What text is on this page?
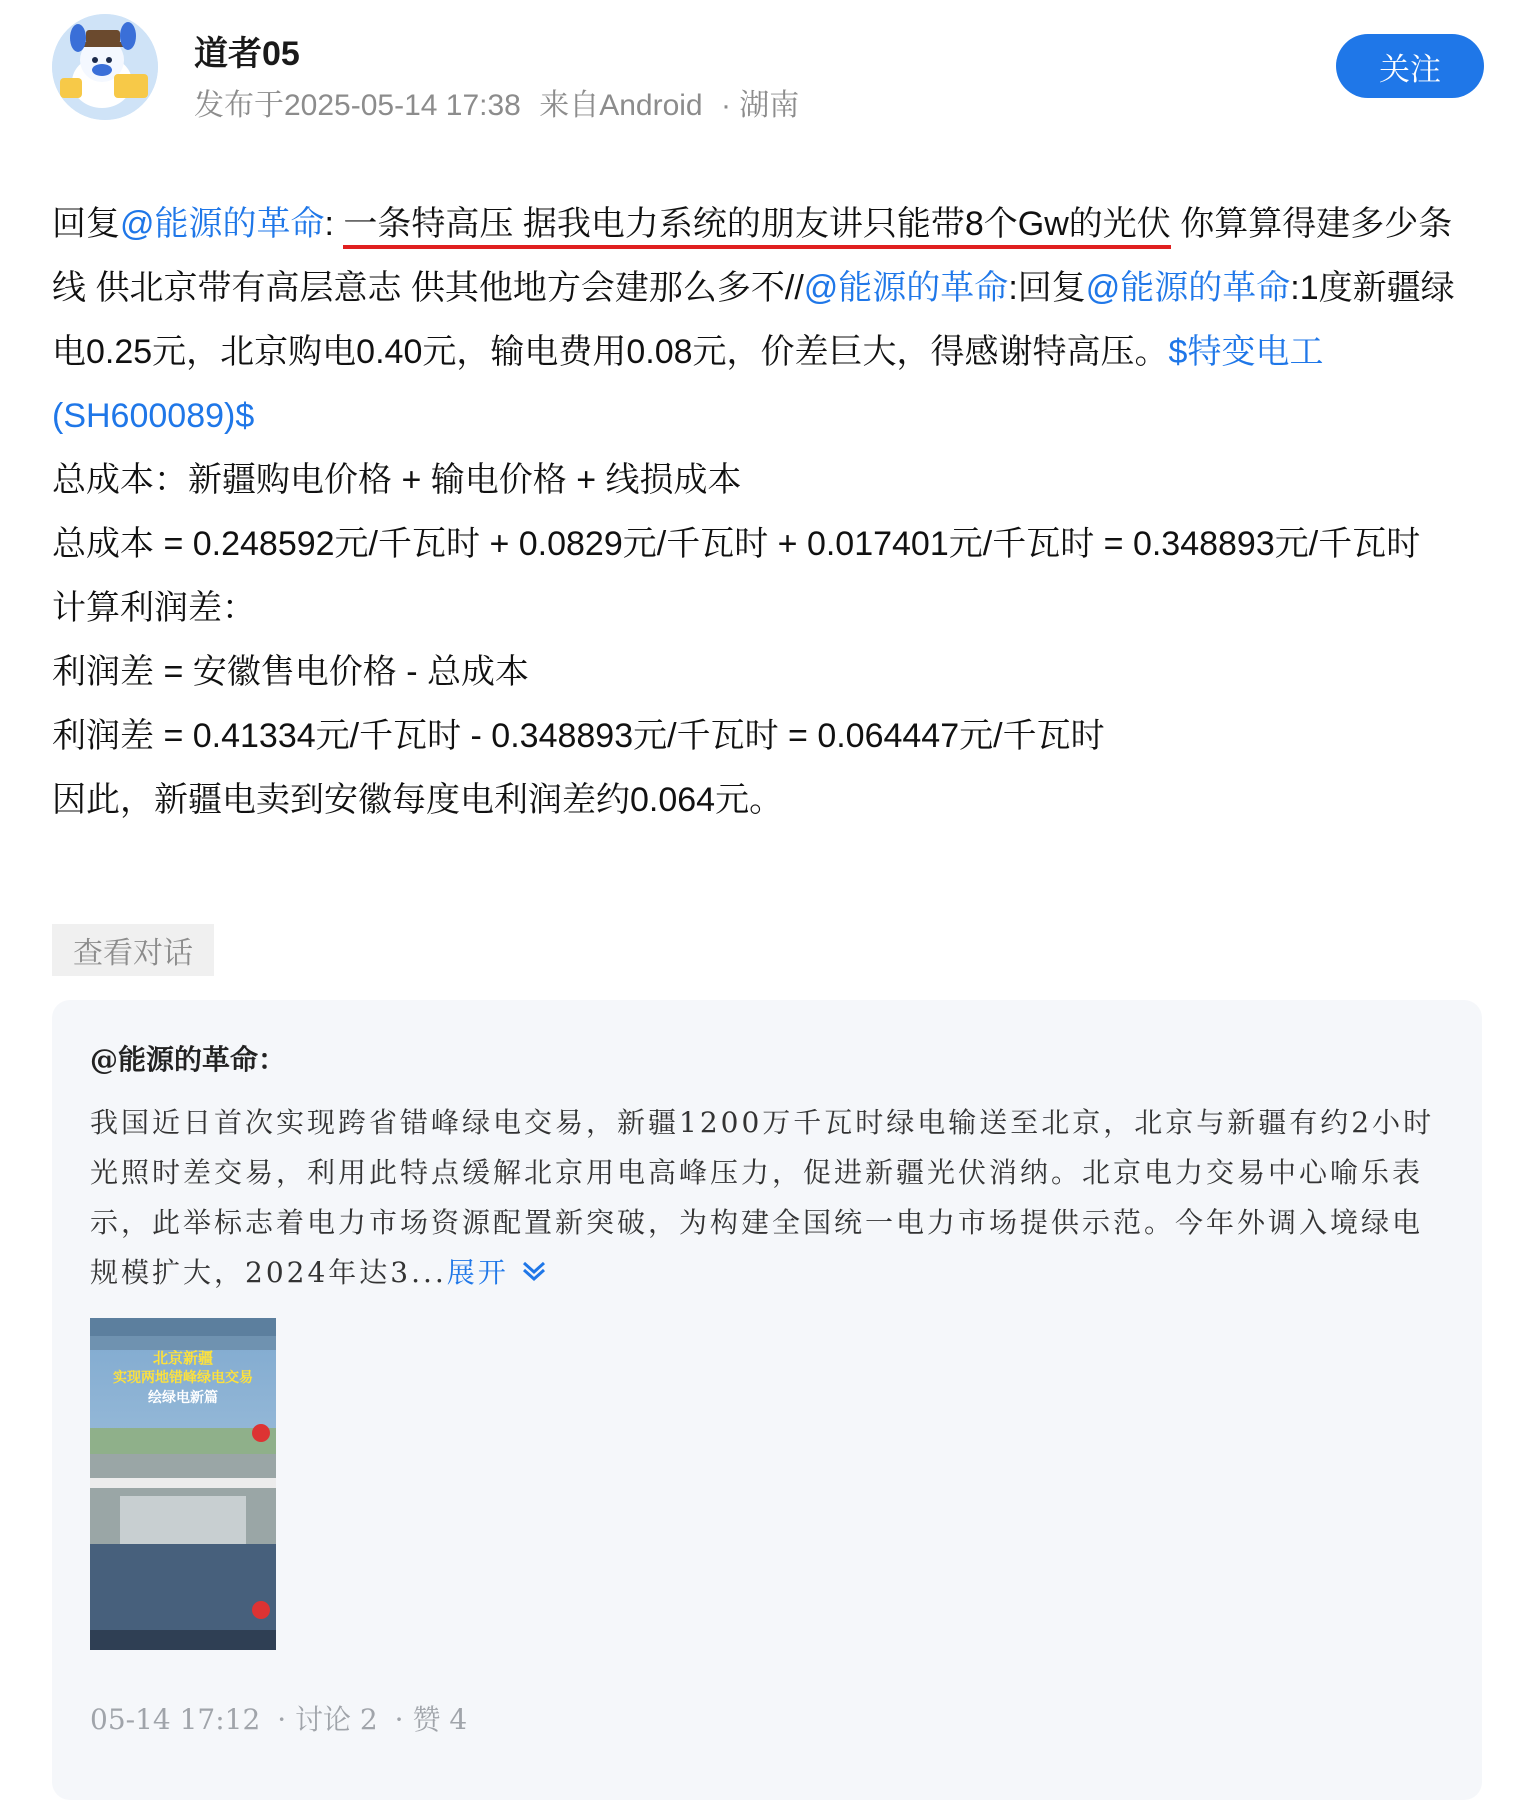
道者05
发布于2025-05-14 17:38 来自Android · 湖南
关注

回复@能源的革命: 一条特高压 据我电力系统的朋友讲只能带8个Gw的光伏 你算算得建多少条线 供北京带有高层意志 供其他地方会建那么多不//@能源的革命:回复@能源的革命:1度新疆绿电0.25元，北京购电0.40元，输电费用0.08元，价差巨大，得感谢特高压。$特变电工(SH600089)$

总成本：新疆购电价格 + 输电价格 + 线损成本

总成本 = 0.248592元/千瓦时 + 0.0829元/千瓦时 + 0.017401元/千瓦时 = 0.348893元/千瓦时

计算利润差：

利润差 = 安徽售电价格 - 总成本

利润差 = 0.41334元/千瓦时 - 0.348893元/千瓦时 = 0.064447元/千瓦时

因此，新疆电卖到安徽每度电利润差约0.064元。

查看对话
@能源的革命：
我国近日首次实现跨省错峰绿电交易，新疆1200万千瓦时绿电输送至北京，北京与新疆有约2小时光照时差交易，利用此特点缓解北京用电高峰压力，促进新疆光伏消纳。北京电力交易中心喻乐表示，此举标志着电力市场资源配置新突破，为构建全国统一电力市场提供示范。今年外调入境绿电规模扩大，2024年达3...展开
北京新疆
实现两地错峰绿电交易
绘绿电新篇
05-14 17:12 · 讨论 2 · 赞 4
